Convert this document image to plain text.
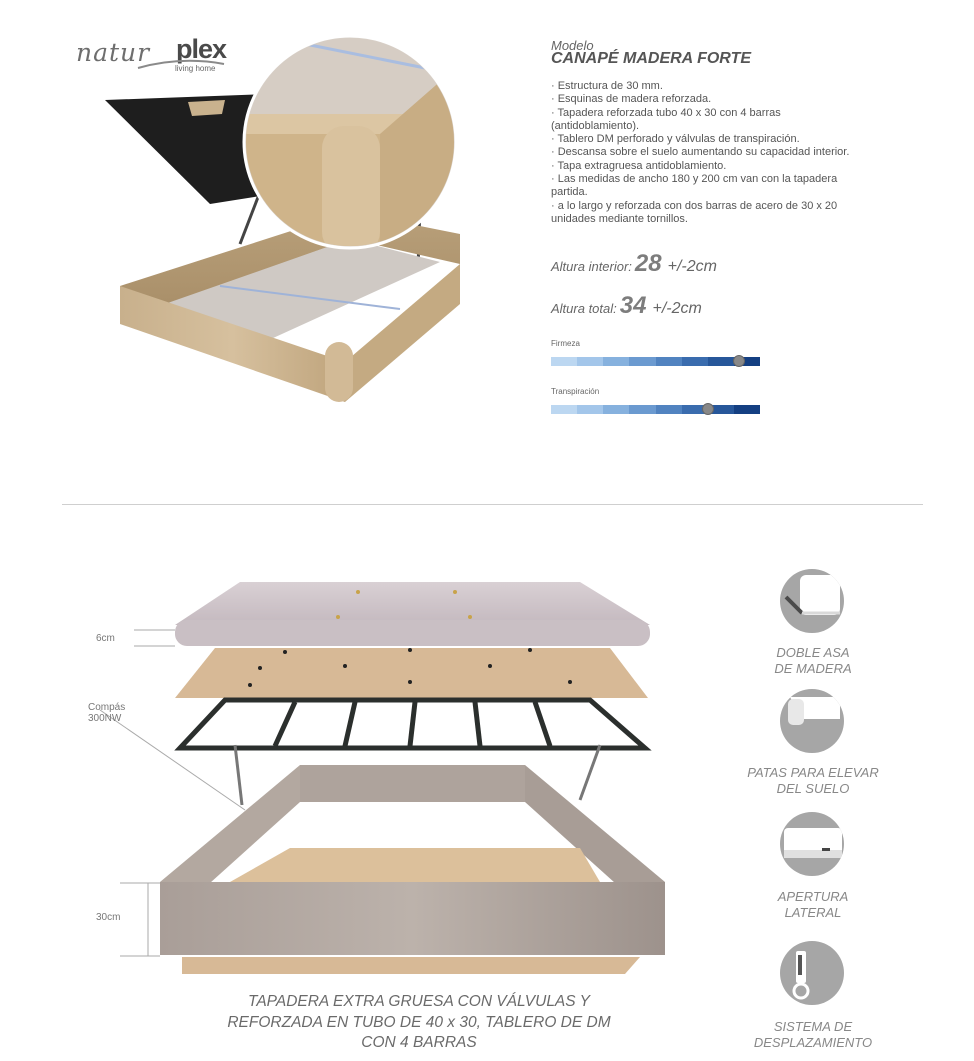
natur plex
living home
Modelo
CANAPÉ MADERA FORTE
· Estructura de 30 mm.
· Esquinas de madera reforzada.
· Tapadera reforzada tubo 40 x 30 con 4 barras (antidoblamiento).
· Tablero DM perforado y válvulas de transpiración.
· Descansa sobre el suelo aumentando su capacidad interior.
· Tapa extragruesa antidoblamiento.
· Las medidas de ancho 180 y 200 cm van con la tapadera partida.
· a lo largo y reforzada con dos barras de acero de 30 x 20 unidades mediante tornillos.
Altura interior: 28 +/-2cm
Altura total: 34 +/-2cm
Firmeza
Transpiración
6cm
Compás
300NW
30cm
TAPADERA EXTRA GRUESA CON VÁLVULAS Y
REFORZADA EN TUBO DE 40 x 30, TABLERO DE DM
CON 4 BARRAS
DOBLE ASA
DE MADERA
PATAS PARA ELEVAR
DEL SUELO
APERTURA
LATERAL
SISTEMA DE
DESPLAZAMIENTO
